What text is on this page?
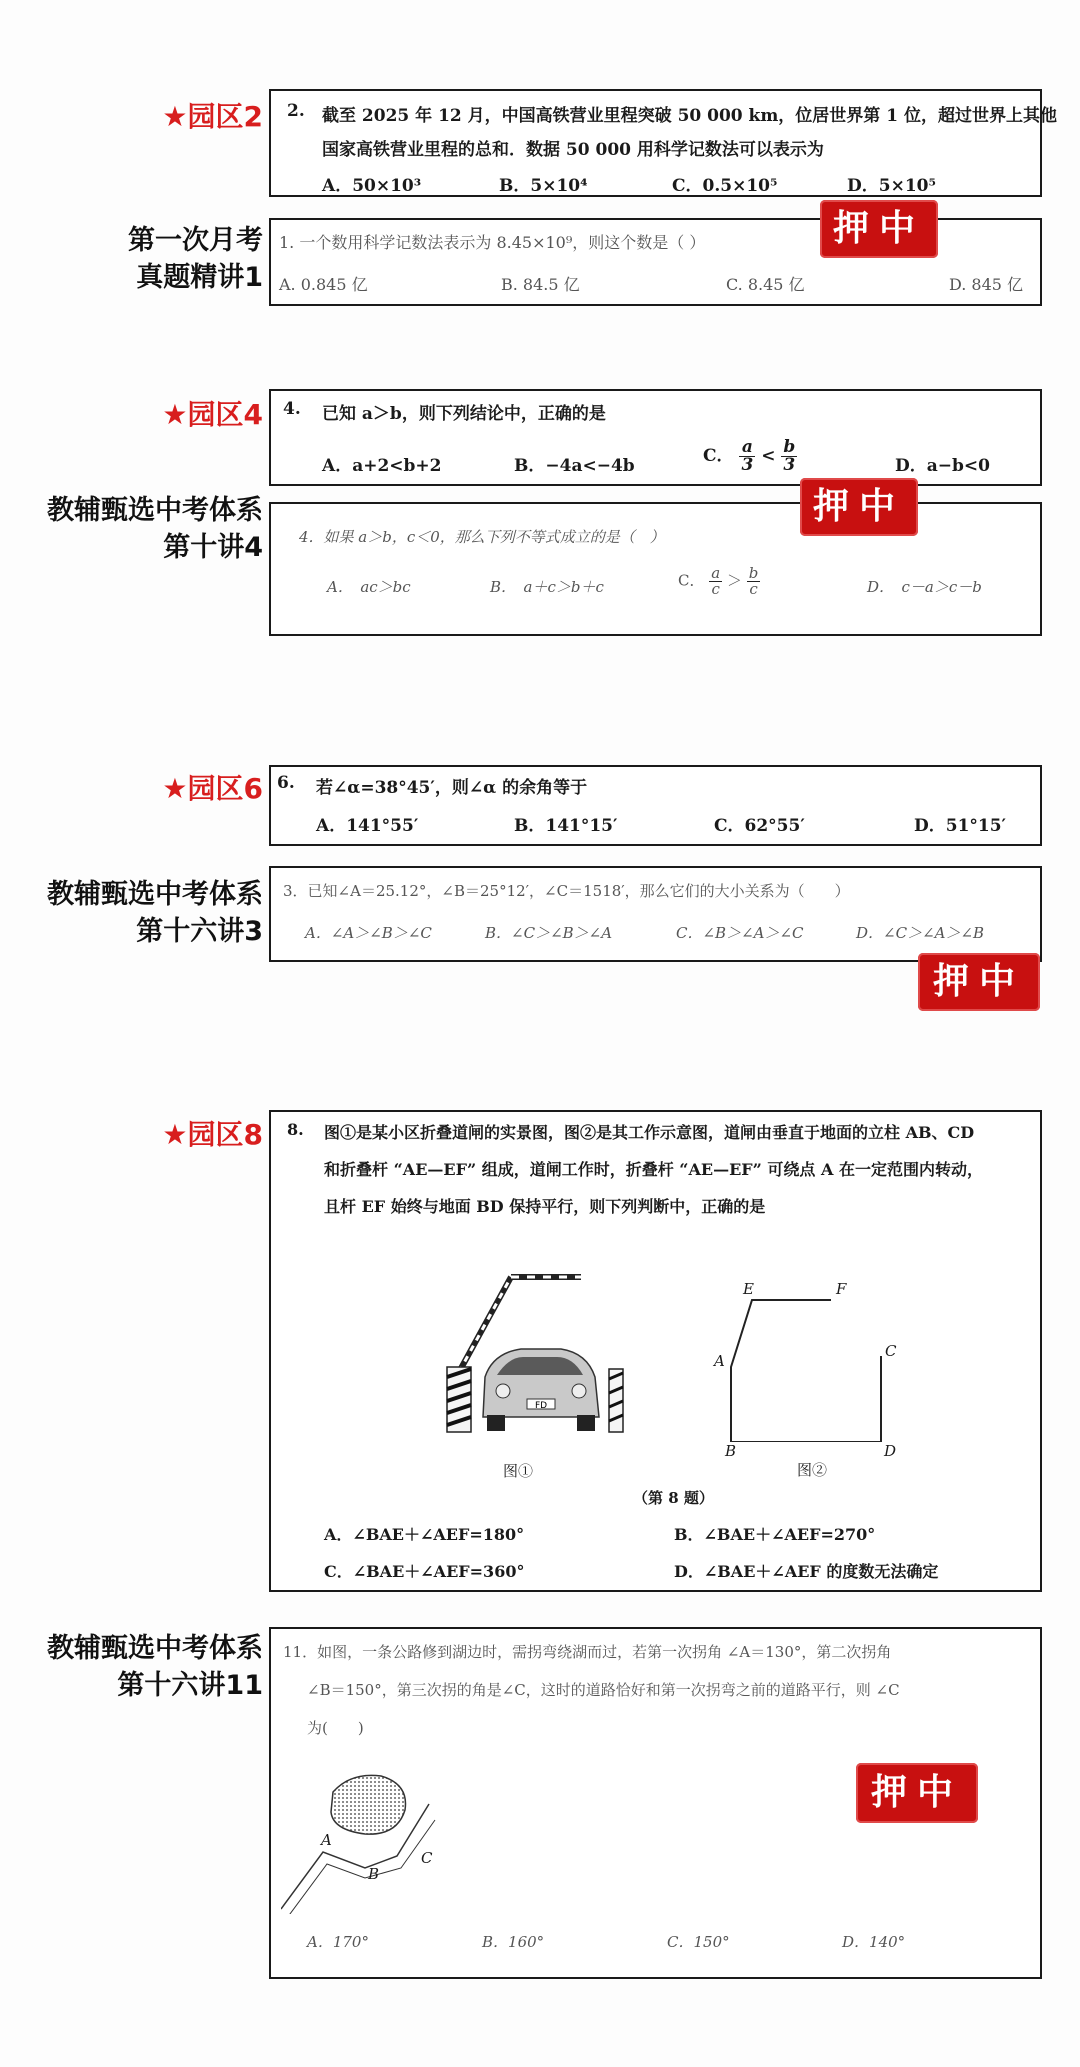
★园区2 2. 截至 2025 年 12 月，中国高铁营业里程突破 50 000 km，位居世界第 1 位，超过世界上其他
国家高铁营业里程的总和．数据 50 000 用科学记数法可以表示为
A．50×10³	B．5×10⁴	C．0.5×10⁵	D．5×10⁵
第一次月考
真题精讲1
1. 一个数用科学记数法表示为 8.45×10⁹，则这个数是（ ）
A. 0.845 亿	B. 84.5 亿	C. 8.45 亿	D. 845 亿
押中
★园区4 4. 已知 a＞b，则下列结论中，正确的是
A．a+2<b+2	B．−4a<−4b	C． $\frac{a}{3} < \frac{b}{3}$	D．a−b<0
教辅甄选中考体系
第十讲4 4．如果 a＞b，c＜0，那么下列不等式成立的是（　）
A．　ac＞bc	B．　a＋c＞b＋c	C． $\frac{a}{c} > \frac{b}{c}$	D．　c－a＞c－b
押中
★园区6 6. 若∠α=38°45′，则∠α 的余角等于
A．141°55′	B．141°15′	C．62°55′	D．51°15′
教辅甄选中考体系
第十六讲3
3．已知∠A＝25.12°，∠B＝25°12′，∠C＝1518′，那么它们的大小关系为（　　）
A．∠A＞∠B＞∠C	B．∠C＞∠B＞∠A	C．∠B＞∠A＞∠C	D．∠C＞∠A＞∠B
押中
★园区8 8. 图①是某小区折叠道闸的实景图，图②是其工作示意图，道闸由垂直于地面的立柱 AB、CD
和折叠杆 “AE—EF” 组成，道闸工作时，折叠杆 “AE—EF” 可绕点 A 在一定范围内转动，
且杆 EF 始终与地面 BD 保持平行，则下列判断中，正确的是
FD
图①
E	F
A
C
B	D
图②
（第 8 题）
A．∠BAE＋∠AEF=180°	B．∠BAE＋∠AEF=270°
C．∠BAE＋∠AEF=360°	D．∠BAE＋∠AEF 的度数无法确定
教辅甄选中考体系
第十六讲11
11．如图，一条公路修到湖边时，需拐弯绕湖而过，若第一次拐角 ∠A＝130°，第二次拐角
∠B＝150°，第三次拐的角是∠C，这时的道路恰好和第一次拐弯之前的道路平行，则 ∠C
为(　　)
A
B
C
A．170°	B．160°	C．150°	D．140°
押中
